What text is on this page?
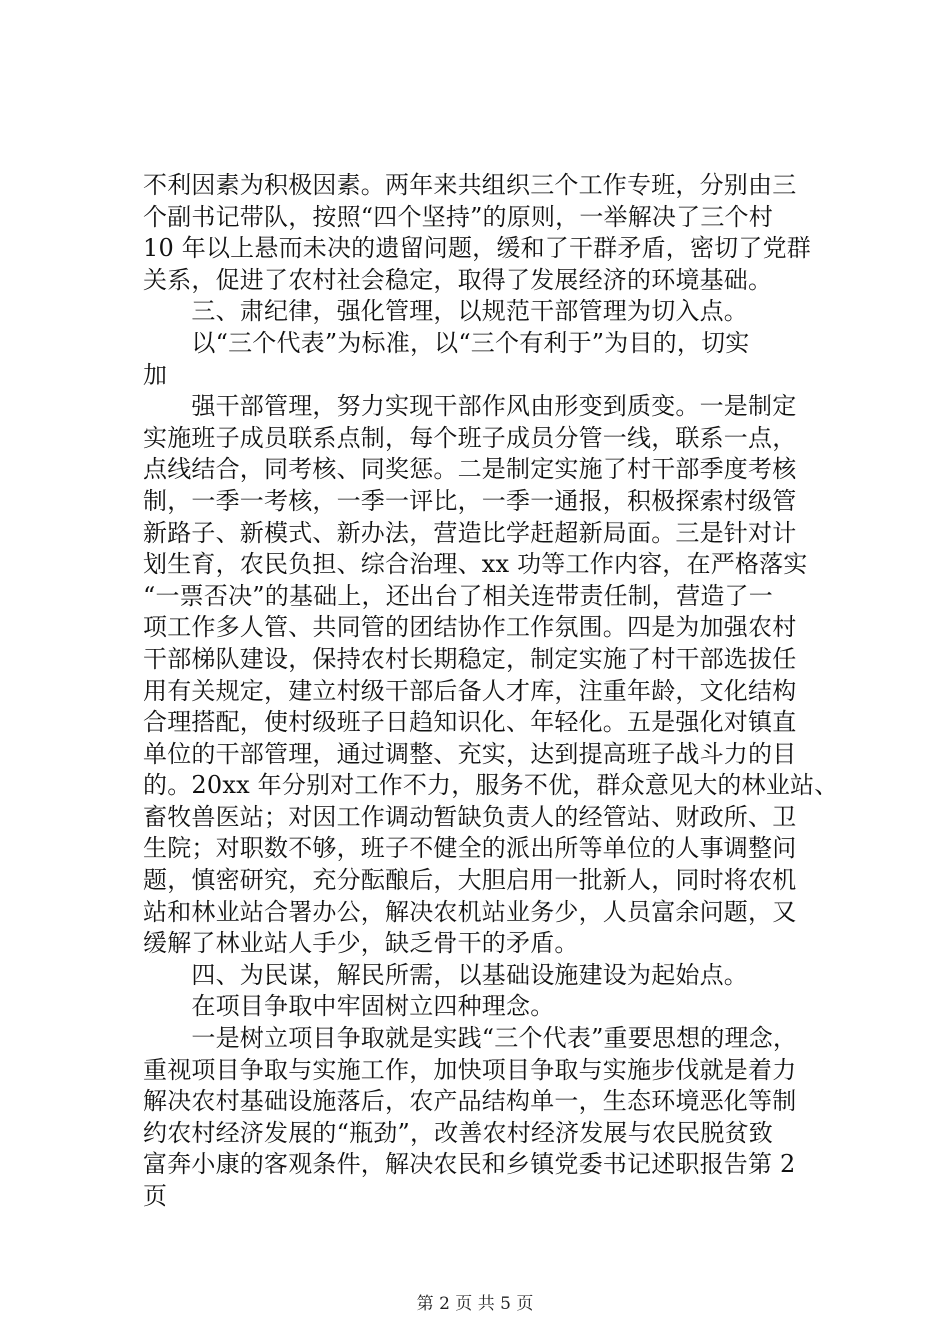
不利因素为积极因素。两年来共组织三个工作专班，分别由三
个副书记带队，按照“四个坚持”的原则，一举解决了三个村
10 年以上悬而未决的遗留问题，缓和了干群矛盾，密切了党群
关系，促进了农村社会稳定，取得了发展经济的环境基础。
　　三、肃纪律，强化管理，以规范干部管理为切入点。
　　以“三个代表”为标准，以“三个有利于”为目的，切实
加
　　强干部管理，努力实现干部作风由形变到质变。一是制定
实施班子成员联系点制，每个班子成员分管一线，联系一点，
点线结合，同考核、同奖惩。二是制定实施了村干部季度考核
制，一季一考核，一季一评比，一季一通报，积极探索村级管
新路子、新模式、新办法，营造比学赶超新局面。三是针对计
划生育，农民负担、综合治理、xx 功等工作内容，在严格落实
“一票否决”的基础上，还出台了相关连带责任制，营造了一
项工作多人管、共同管的团结协作工作氛围。四是为加强农村
干部梯队建设，保持农村长期稳定，制定实施了村干部选拔任
用有关规定，建立村级干部后备人才库，注重年龄，文化结构
合理搭配，使村级班子日趋知识化、年轻化。五是强化对镇直
单位的干部管理，通过调整、充实，达到提高班子战斗力的目
的。20xx 年分别对工作不力，服务不优，群众意见大的林业站、
畜牧兽医站；对因工作调动暂缺负责人的经管站、财政所、卫
生院；对职数不够，班子不健全的派出所等单位的人事调整问
题，慎密研究，充分酝酿后，大胆启用一批新人，同时将农机
站和林业站合署办公，解决农机站业务少，人员富余问题，又
缓解了林业站人手少，缺乏骨干的矛盾。
　　四、为民谋，解民所需，以基础设施建设为起始点。
　　在项目争取中牢固树立四种理念。
　　一是树立项目争取就是实践“三个代表”重要思想的理念，
重视项目争取与实施工作，加快项目争取与实施步伐就是着力
解决农村基础设施落后，农产品结构单一，生态环境恶化等制
约农村经济发展的“瓶劲”，改善农村经济发展与农民脱贫致
富奔小康的客观条件，解决农民和乡镇党委书记述职报告第 2
页
第 2 页 共 5 页
